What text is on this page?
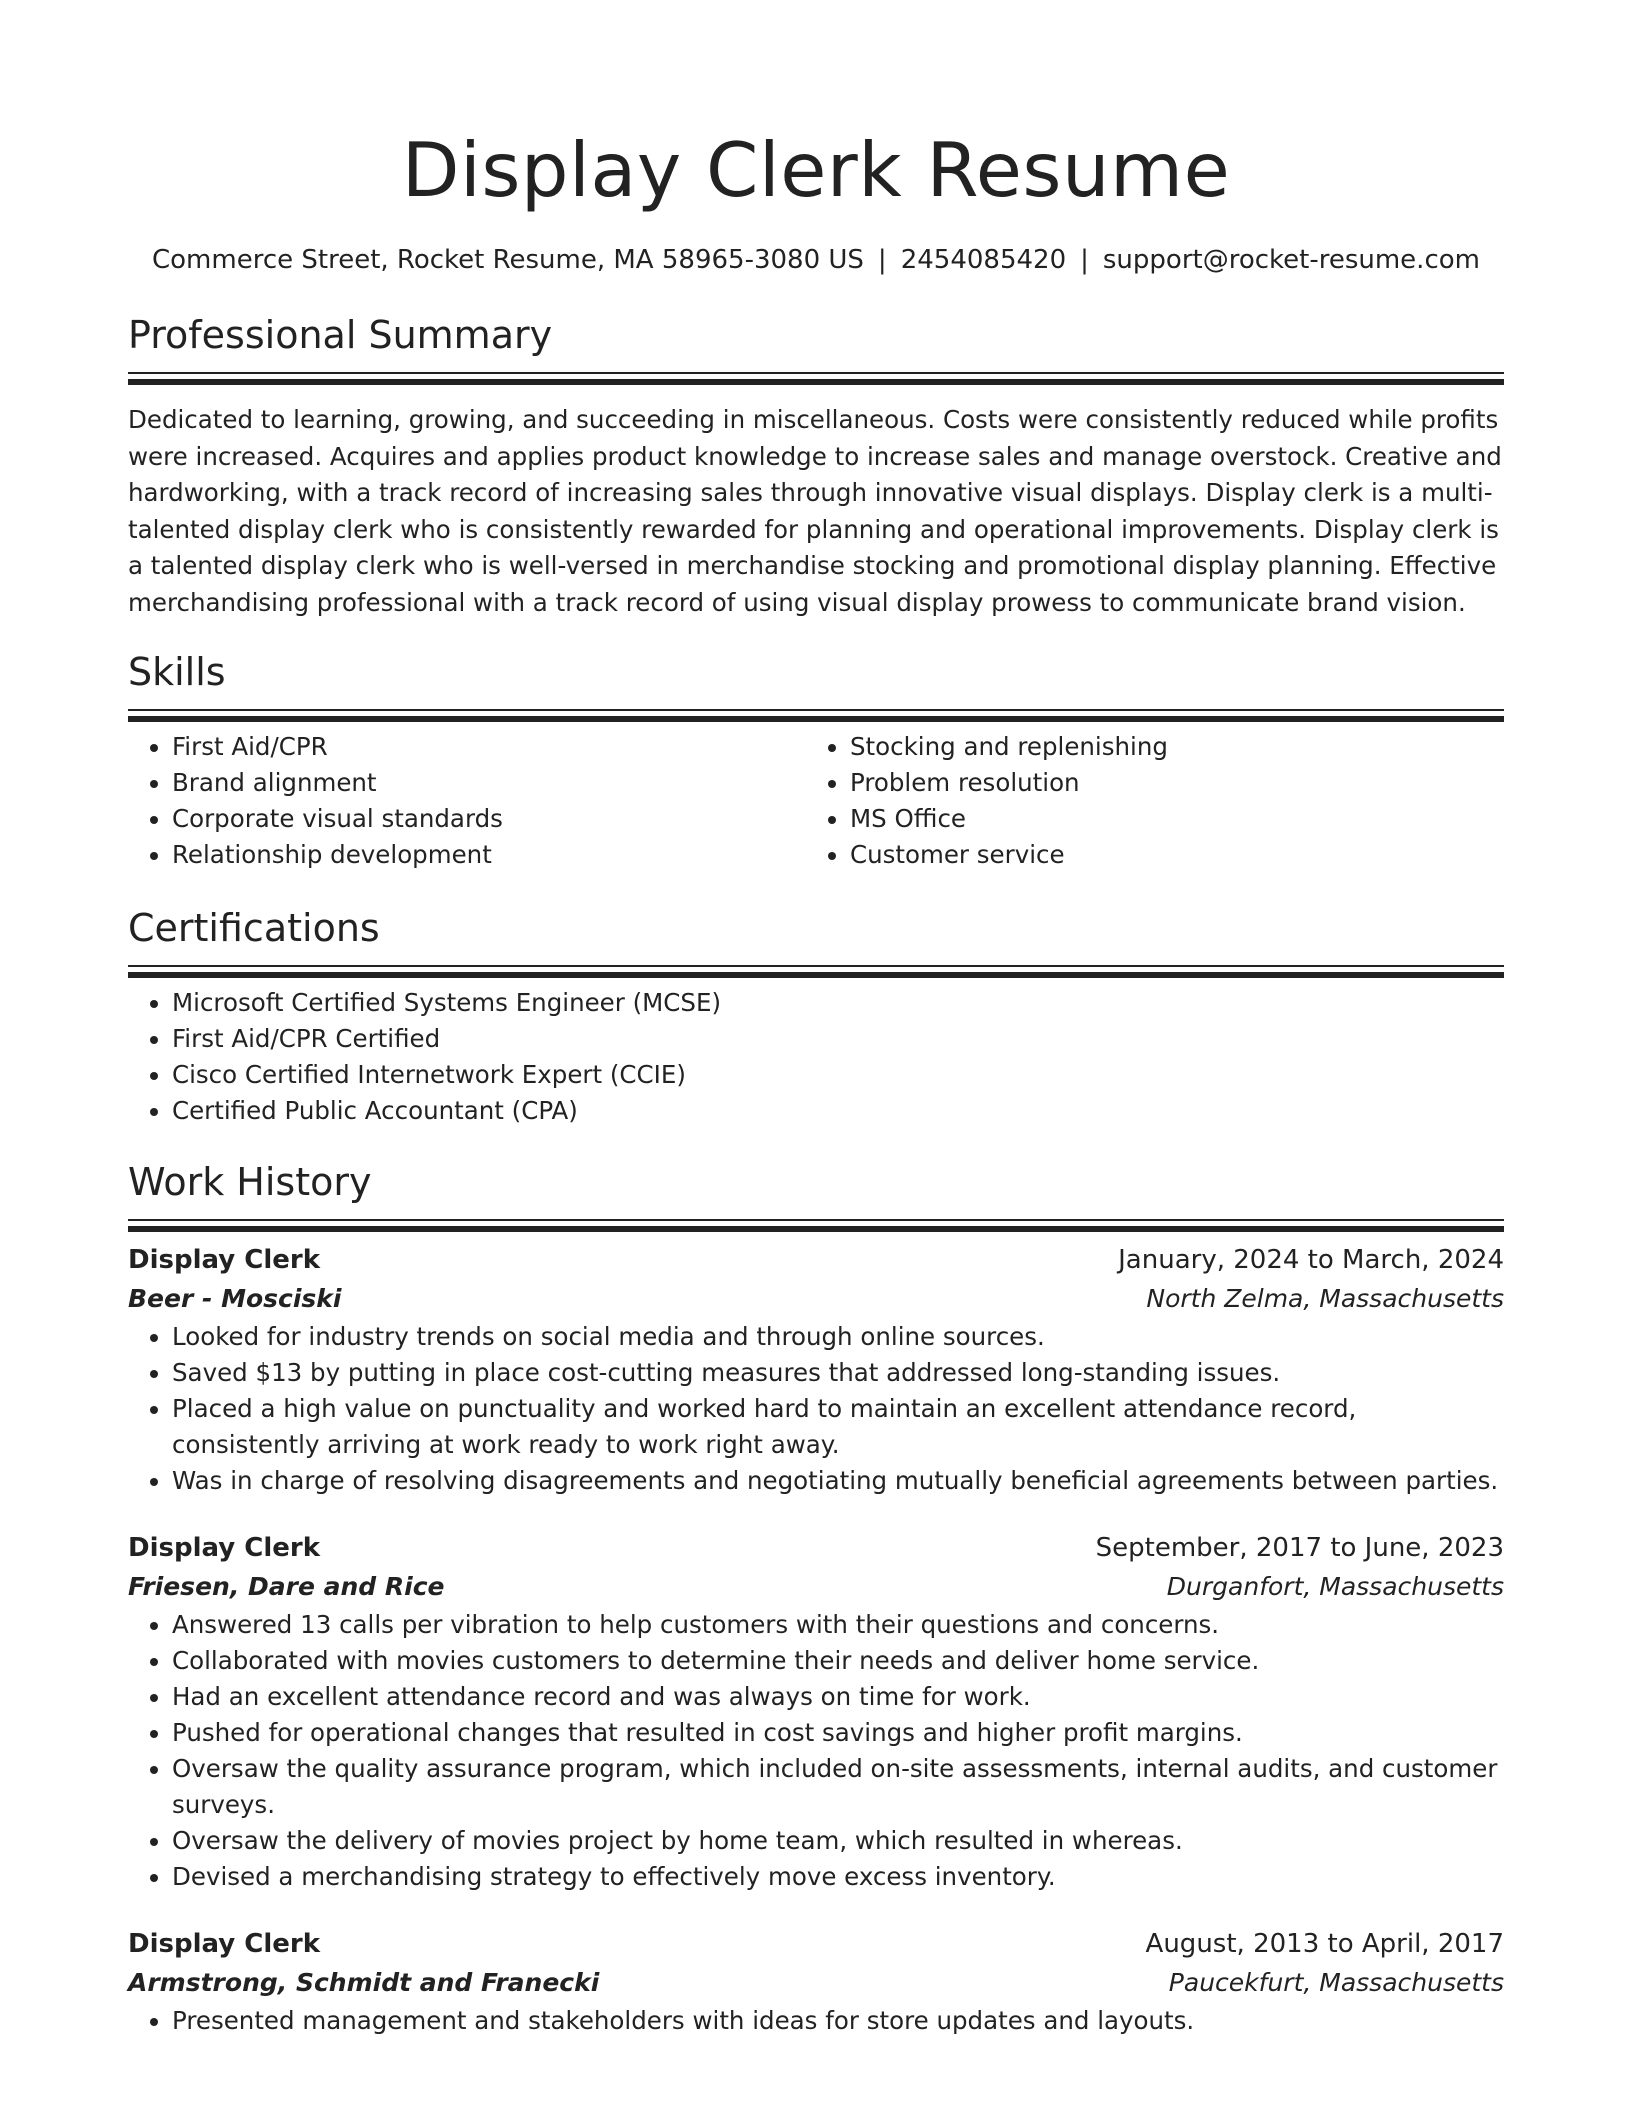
Display Clerk Resume
Commerce Street, Rocket Resume, MA 58965-3080 US | 2454085420 | support@rocket-resume.com
Professional Summary

Dedicated to learning, growing, and succeeding in miscellaneous. Costs were consistently reduced while profits were increased. Acquires and applies product knowledge to increase sales and manage overstock. Creative and hardworking, with a track record of increasing sales through innovative visual displays. Display clerk is a multi-talented display clerk who is consistently rewarded for planning and operational improvements. Display clerk is a talented display clerk who is well-versed in merchandise stocking and promotional display planning. Effective merchandising professional with a track record of using visual display prowess to communicate brand vision.

Skills
• First Aid/CPR
• Brand alignment
• Corporate visual standards
• Relationship development
• Stocking and replenishing
• Problem resolution
• MS Office
• Customer service
Certifications
• Microsoft Certified Systems Engineer (MCSE)
• First Aid/CPR Certified
• Cisco Certified Internetwork Expert (CCIE)
• Certified Public Accountant (CPA)
Work History
Display Clerk	January, 2024 to March, 2024
Beer - Mosciski	North Zelma, Massachusetts
• Looked for industry trends on social media and through online sources.
• Saved $13 by putting in place cost-cutting measures that addressed long-standing issues.
• Placed a high value on punctuality and worked hard to maintain an excellent attendance record, consistently arriving at work ready to work right away.
• Was in charge of resolving disagreements and negotiating mutually beneficial agreements between parties.
Display Clerk	September, 2017 to June, 2023
Friesen, Dare and Rice	Durganfort, Massachusetts
• Answered 13 calls per vibration to help customers with their questions and concerns.
• Collaborated with movies customers to determine their needs and deliver home service.
• Had an excellent attendance record and was always on time for work.
• Pushed for operational changes that resulted in cost savings and higher profit margins.
• Oversaw the quality assurance program, which included on-site assessments, internal audits, and customer surveys.
• Oversaw the delivery of movies project by home team, which resulted in whereas.
• Devised a merchandising strategy to effectively move excess inventory.
Display Clerk	August, 2013 to April, 2017
Armstrong, Schmidt and Franecki	Paucekfurt, Massachusetts
• Presented management and stakeholders with ideas for store updates and layouts.
